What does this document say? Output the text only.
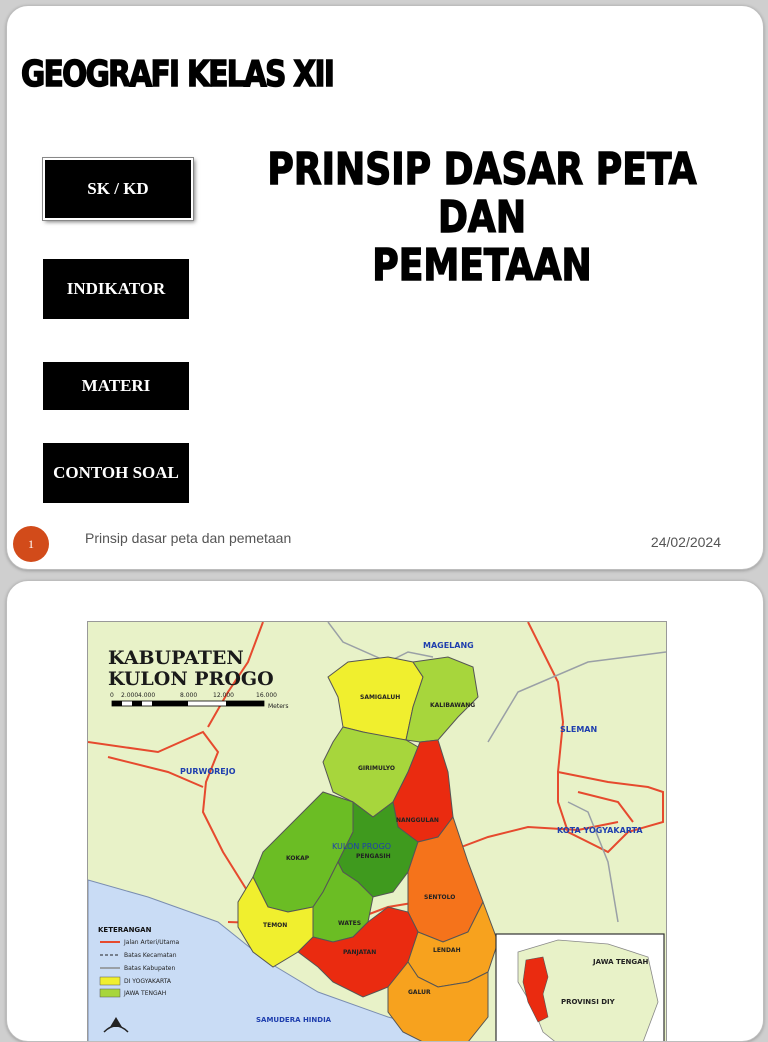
GEOGRAFI KELAS XII
PRINSIP DASAR PETA
DAN
PEMETAAN
SK / KD
INDIKATOR
MATERI
CONTOH SOAL
1	Prinsip dasar peta dan pemetaan	24/02/2024
SAMIGALUH
KALIBAWANG
GIRIMULYO
NANGGULAN
KOKAP	PENGASIH
SENTOLO
TEMON	WATES
PANJATAN	LENDAH
GALUR
MAGELANG
PURWOREJO
SLEMAN
KOTA YOGYAKARTA
KULON PROGO
SAMUDERA HINDIA
KABUPATEN
KULON PROGO
0 2.000 4.000	8.000	12.000	16.000
Meters
KETERANGAN
Jalan Arteri/Utama
Batas Kecamatan
Batas Kabupaten
DI YOGYAKARTA
JAWA TENGAH
JAWA TENGAH
PROVINSI DIY
